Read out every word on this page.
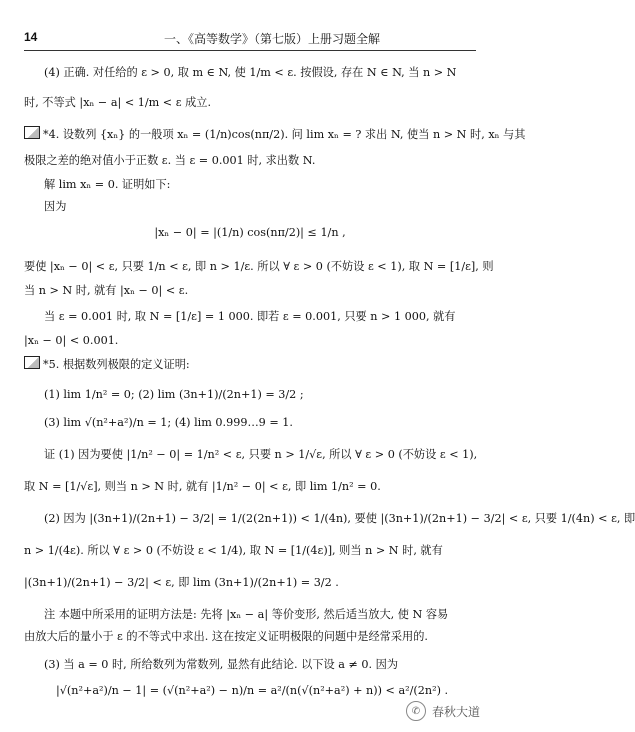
14	一、《高等数学》（第七版）上册习题全解
(4) 正确. 对任给的 ε > 0, 取 m ∈ N, 使 1/m < ε. 按假设, 存在 N ∈ N, 当 n > N
时, 不等式 |xₙ − a| < 1/m < ε 成立.
*4. 设数列 {xₙ} 的一般项 xₙ = (1/n)cos(nπ/2). 问 lim xₙ = ? 求出 N, 使当 n > N 时, xₙ 与其
极限之差的绝对值小于正数 ε. 当 ε = 0.001 时, 求出数 N.
解 lim xₙ = 0. 证明如下:
因为
|xₙ − 0| = |(1/n) cos(nπ/2)| ≤ 1/n ,
要使 |xₙ − 0| < ε, 只要 1/n < ε, 即 n > 1/ε. 所以 ∀ ε > 0 (不妨设 ε < 1), 取 N = [1/ε], 则
当 n > N 时, 就有 |xₙ − 0| < ε.
当 ε = 0.001 时, 取 N = [1/ε] = 1 000. 即若 ε = 0.001, 只要 n > 1 000, 就有
|xₙ − 0| < 0.001.
*5. 根据数列极限的定义证明:
(1) lim 1/n² = 0; (2) lim (3n+1)/(2n+1) = 3/2 ;
(3) lim √(n²+a²)/n = 1; (4) lim 0.999…9 = 1.
证 (1) 因为要使 |1/n² − 0| = 1/n² < ε, 只要 n > 1/√ε, 所以 ∀ ε > 0 (不妨设 ε < 1),
取 N = [1/√ε], 则当 n > N 时, 就有 |1/n² − 0| < ε, 即 lim 1/n² = 0.
(2) 因为 |(3n+1)/(2n+1) − 3/2| = 1/(2(2n+1)) < 1/(4n), 要使 |(3n+1)/(2n+1) − 3/2| < ε, 只要 1/(4n) < ε, 即
n > 1/(4ε). 所以 ∀ ε > 0 (不妨设 ε < 1/4), 取 N = [1/(4ε)], 则当 n > N 时, 就有
|(3n+1)/(2n+1) − 3/2| < ε, 即 lim (3n+1)/(2n+1) = 3/2 .
注 本题中所采用的证明方法是: 先将 |xₙ − a| 等价变形, 然后适当放大, 使 N 容易
由放大后的量小于 ε 的不等式中求出. 这在按定义证明极限的问题中是经常采用的.
(3) 当 a = 0 时, 所给数列为常数列, 显然有此结论. 以下设 a ≠ 0. 因为
|√(n²+a²)/n − 1| = (√(n²+a²) − n)/n = a²/(n(√(n²+a²) + n)) < a²/(2n²) .
✆ 春秋大道
